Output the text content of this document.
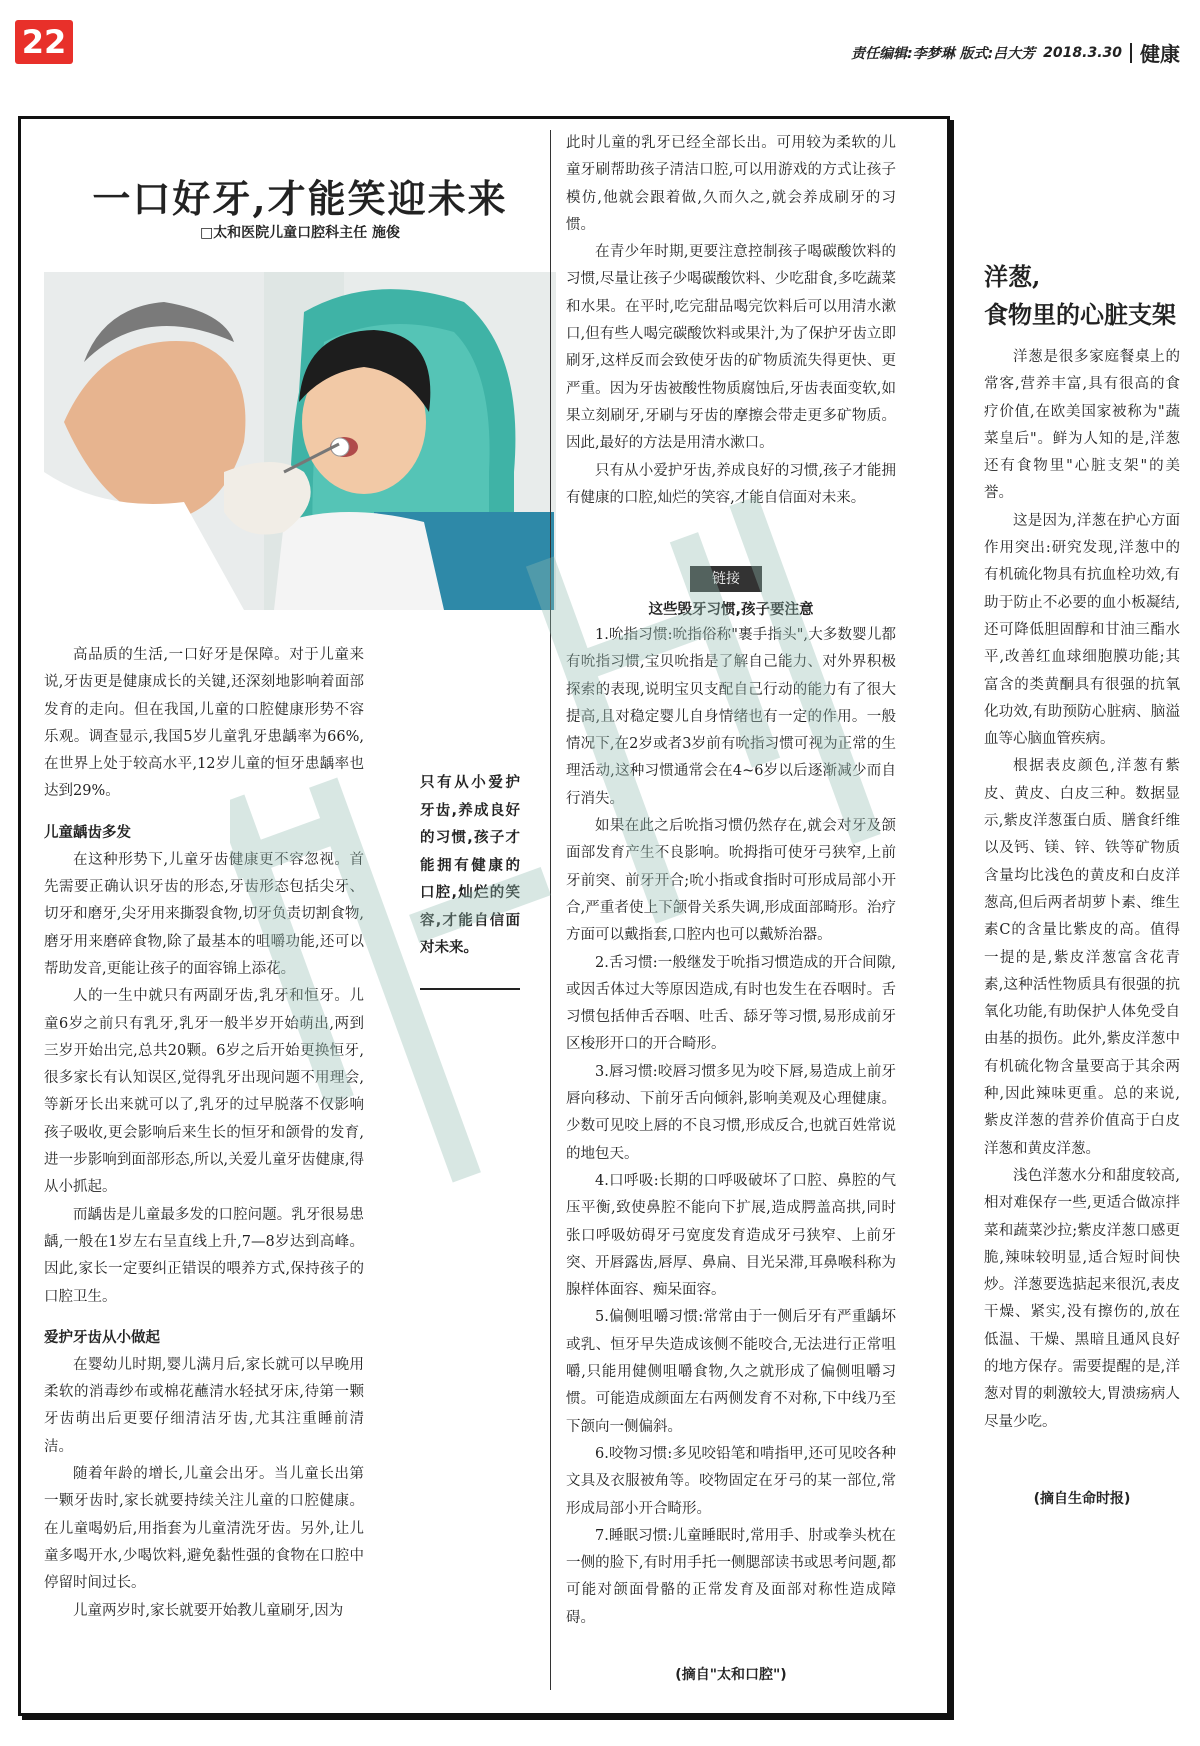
22	责任编辑:李梦琳 版式:吕大芳 2018.3.30 健康
一口好牙,才能笑迎未来
□太和医院儿童口腔科主任 施俊

高品质的生活,一口好牙是保障。对于儿童来说,牙齿更是健康成长的关键,还深刻地影响着面部发育的走向。但在我国,儿童的口腔健康形势不容乐观。调查显示,我国5岁儿童乳牙患龋率为66%,在世界上处于较高水平,12岁儿童的恒牙患龋率也达到29%。

儿童龋齿多发

在这种形势下,儿童牙齿健康更不容忽视。首先需要正确认识牙齿的形态,牙齿形态包括尖牙、切牙和磨牙,尖牙用来撕裂食物,切牙负责切割食物,磨牙用来磨碎食物,除了最基本的咀嚼功能,还可以帮助发音,更能让孩子的面容锦上添花。

人的一生中就只有两副牙齿,乳牙和恒牙。儿童6岁之前只有乳牙,乳牙一般半岁开始萌出,两到三岁开始出完,总共20颗。6岁之后开始更换恒牙,很多家长有认知误区,觉得乳牙出现问题不用理会,等新牙长出来就可以了,乳牙的过早脱落不仅影响孩子吸收,更会影响后来生长的恒牙和颌骨的发育,进一步影响到面部形态,所以,关爱儿童牙齿健康,得从小抓起。

而龋齿是儿童最多发的口腔问题。乳牙很易患龋,一般在1岁左右呈直线上升,7—8岁达到高峰。因此,家长一定要纠正错误的喂养方式,保持孩子的口腔卫生。

爱护牙齿从小做起

在婴幼儿时期,婴儿满月后,家长就可以早晚用柔软的消毒纱布或棉花蘸清水轻拭牙床,待第一颗牙齿萌出后更要仔细清洁牙齿,尤其注重睡前清洁。

随着年龄的增长,儿童会出牙。当儿童长出第一颗牙齿时,家长就要持续关注儿童的口腔健康。在儿童喝奶后,用指套为儿童清洗牙齿。另外,让儿童多喝开水,少喝饮料,避免黏性强的食物在口腔中停留时间过长。

儿童两岁时,家长就要开始教儿童刷牙,因为

只有从小爱护牙齿,养成良好的习惯,孩子才能拥有健康的口腔,灿烂的笑容,才能自信面对未来。

此时儿童的乳牙已经全部长出。可用较为柔软的儿童牙刷帮助孩子清洁口腔,可以用游戏的方式让孩子模仿,他就会跟着做,久而久之,就会养成刷牙的习惯。

在青少年时期,更要注意控制孩子喝碳酸饮料的习惯,尽量让孩子少喝碳酸饮料、少吃甜食,多吃蔬菜和水果。在平时,吃完甜品喝完饮料后可以用清水漱口,但有些人喝完碳酸饮料或果汁,为了保护牙齿立即刷牙,这样反而会致使牙齿的矿物质流失得更快、更严重。因为牙齿被酸性物质腐蚀后,牙齿表面变软,如果立刻刷牙,牙刷与牙齿的摩擦会带走更多矿物质。因此,最好的方法是用清水漱口。

只有从小爱护牙齿,养成良好的习惯,孩子才能拥有健康的口腔,灿烂的笑容,才能自信面对未来。

链接
这些毁牙习惯,孩子要注意

1.吮指习惯:吮指俗称"裹手指头",大多数婴儿都有吮指习惯,宝贝吮指是了解自己能力、对外界积极探索的表现,说明宝贝支配自己行动的能力有了很大提高,且对稳定婴儿自身情绪也有一定的作用。一般情况下,在2岁或者3岁前有吮指习惯可视为正常的生理活动,这种习惯通常会在4~6岁以后逐渐减少而自行消失。

如果在此之后吮指习惯仍然存在,就会对牙及颌面部发育产生不良影响。吮拇指可使牙弓狭窄,上前牙前突、前牙开合;吮小指或食指时可形成局部小开合,严重者使上下颌骨关系失调,形成面部畸形。治疗方面可以戴指套,口腔内也可以戴矫治器。

2.舌习惯:一般继发于吮指习惯造成的开合间隙,或因舌体过大等原因造成,有时也发生在吞咽时。舌习惯包括伸舌吞咽、吐舌、舔牙等习惯,易形成前牙区梭形开口的开合畸形。

3.唇习惯:咬唇习惯多见为咬下唇,易造成上前牙唇向移动、下前牙舌向倾斜,影响美观及心理健康。少数可见咬上唇的不良习惯,形成反合,也就百姓常说的地包天。

4.口呼吸:长期的口呼吸破坏了口腔、鼻腔的气压平衡,致使鼻腔不能向下扩展,造成腭盖高拱,同时张口呼吸妨碍牙弓宽度发育造成牙弓狭窄、上前牙突、开唇露齿,唇厚、鼻扁、目光呆滞,耳鼻喉科称为腺样体面容、痴呆面容。

5.偏侧咀嚼习惯:常常由于一侧后牙有严重龋坏或乳、恒牙早失造成该侧不能咬合,无法进行正常咀嚼,只能用健侧咀嚼食物,久之就形成了偏侧咀嚼习惯。可能造成颜面左右两侧发育不对称,下中线乃至下颌向一侧偏斜。

6.咬物习惯:多见咬铅笔和啃指甲,还可见咬各种文具及衣服被角等。咬物固定在牙弓的某一部位,常形成局部小开合畸形。

7.睡眠习惯:儿童睡眠时,常用手、肘或拳头枕在一侧的脸下,有时用手托一侧腮部读书或思考问题,都可能对颌面骨骼的正常发育及面部对称性造成障碍。

(摘自"太和口腔")
洋葱,
食物里的心脏支架

洋葱是很多家庭餐桌上的常客,营养丰富,具有很高的食疗价值,在欧美国家被称为"蔬菜皇后"。鲜为人知的是,洋葱还有食物里"心脏支架"的美誉。

这是因为,洋葱在护心方面作用突出:研究发现,洋葱中的有机硫化物具有抗血栓功效,有助于防止不必要的血小板凝结,还可降低胆固醇和甘油三酯水平,改善红血球细胞膜功能;其富含的类黄酮具有很强的抗氧化功效,有助预防心脏病、脑溢血等心脑血管疾病。

根据表皮颜色,洋葱有紫皮、黄皮、白皮三种。数据显示,紫皮洋葱蛋白质、膳食纤维以及钙、镁、锌、铁等矿物质含量均比浅色的黄皮和白皮洋葱高,但后两者胡萝卜素、维生素C的含量比紫皮的高。值得一提的是,紫皮洋葱富含花青素,这种活性物质具有很强的抗氧化功能,有助保护人体免受自由基的损伤。此外,紫皮洋葱中有机硫化物含量要高于其余两种,因此辣味更重。总的来说,紫皮洋葱的营养价值高于白皮洋葱和黄皮洋葱。

浅色洋葱水分和甜度较高,相对难保存一些,更适合做凉拌菜和蔬菜沙拉;紫皮洋葱口感更脆,辣味较明显,适合短时间快炒。洋葱要选掂起来很沉,表皮干燥、紧实,没有擦伤的,放在低温、干燥、黑暗且通风良好的地方保存。需要提醒的是,洋葱对胃的刺激较大,胃溃疡病人尽量少吃。

(摘自生命时报)
